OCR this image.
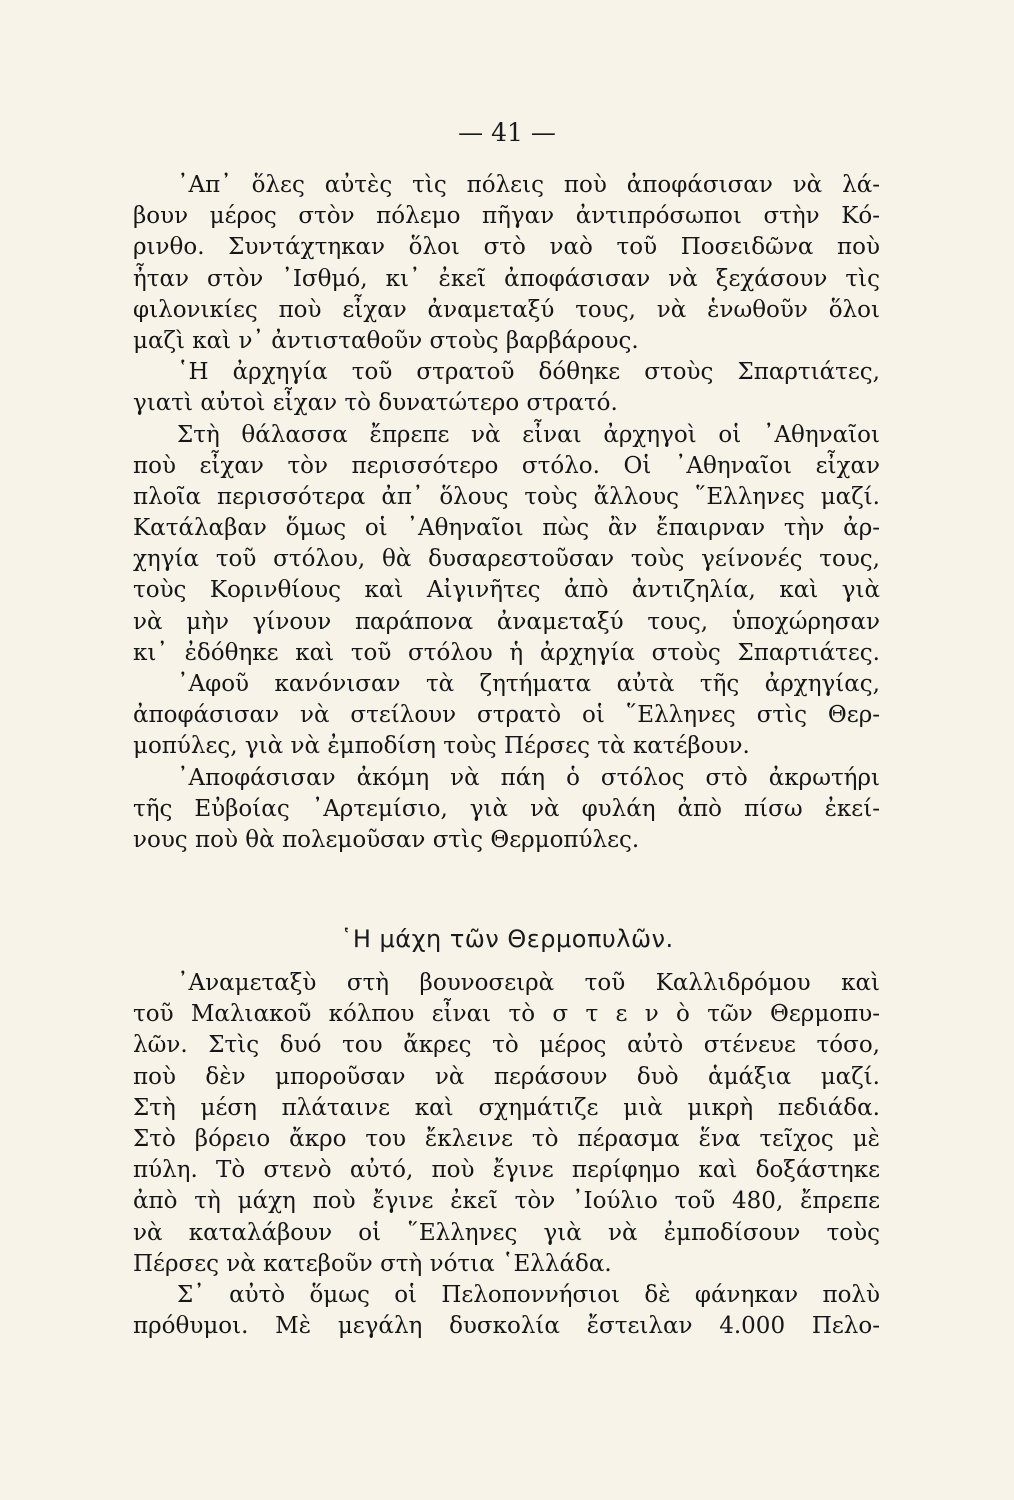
— 41 —
᾿Απ᾿ ὅλες αὐτὲς τὶς πόλεις ποὺ ἀποφάσισαν νὰ λά-
βουν μέρος στὸν πόλεμο πῆγαν ἀντιπρόσωποι στὴν Κό-
ρινθο. Συντάχτηκαν ὅλοι στὸ ναὸ τοῦ Ποσειδῶνα ποὺ
ἦταν στὸν ᾿Ισθμό, κι᾿ ἐκεῖ ἀποφάσισαν νὰ ξεχάσουν τὶς
φιλονικίες ποὺ εἶχαν ἀναμεταξύ τους, νὰ ἑνωθοῦν ὅλοι
μαζὶ καὶ ν᾿ ἀντισταθοῦν στοὺς βαρβάρους.
῾Η ἀρχηγία τοῦ στρατοῦ δόθηκε στοὺς Σπαρτιάτες,
γιατὶ αὐτοὶ εἶχαν τὸ δυνατώτερο στρατό.
Στὴ θάλασσα ἔπρεπε νὰ εἶναι ἀρχηγοὶ οἱ ᾿Αθηναῖοι
ποὺ εἶχαν τὸν περισσότερο στόλο. Οἱ ᾿Αθηναῖοι εἶχαν
πλοῖα περισσότερα ἀπ᾿ ὅλους τοὺς ἄλλους ῞Ελληνες μαζί.
Κατάλαβαν ὅμως οἱ ᾿Αθηναῖοι πὼς ἂν ἔπαιρναν τὴν ἀρ-
χηγία τοῦ στόλου, θὰ δυσαρεστοῦσαν τοὺς γείνονές τους,
τοὺς Κορινθίους καὶ Αἰγινῆτες ἀπὸ ἀντιζηλία, καὶ γιὰ
νὰ μὴν γίνουν παράπονα ἀναμεταξύ τους, ὑποχώρησαν
κι᾿ ἐδόθηκε καὶ τοῦ στόλου ἡ ἀρχηγία στοὺς Σπαρτιάτες.
᾿Αφοῦ κανόνισαν τὰ ζητήματα αὐτὰ τῆς ἀρχηγίας,
ἀποφάσισαν νὰ στείλουν στρατὸ οἱ ῞Ελληνες στὶς Θερ-
μοπύλες, γιὰ νὰ ἐμποδίση τοὺς Πέρσες τὰ κατέβουν.
᾿Αποφάσισαν ἀκόμη νὰ πάη ὁ στόλος στὸ ἀκρωτήρι
τῆς Εὐβοίας ᾿Αρτεμίσιο, γιὰ νὰ φυλάη ἀπὸ πίσω ἐκεί-
νους ποὺ θὰ πολεμοῦσαν στὶς Θερμοπύλες.
῾Η μάχη τῶν Θερμοπυλῶν.
᾿Αναμεταξὺ στὴ βουνοσειρὰ τοῦ Καλλιδρόμου καὶ
τοῦ Μαλιακοῦ κόλπου εἶναι τὸ σ τ ε ν ὸ τῶν Θερμοπυ-
λῶν. Στὶς δυό του ἄκρες τὸ μέρος αὐτὸ στένευε τόσο,
ποὺ δὲν μποροῦσαν νὰ περάσουν δυὸ ἁμάξια μαζί.
Στὴ μέση πλάταινε καὶ σχημάτιζε μιὰ μικρὴ πεδιάδα.
Στὸ βόρειο ἄκρο του ἔκλεινε τὸ πέρασμα ἕνα τεῖχος μὲ
πύλη. Τὸ στενὸ αὐτό, ποὺ ἔγινε περίφημο καὶ δοξάστηκε
ἀπὸ τὴ μάχη ποὺ ἔγινε ἐκεῖ τὸν ᾿Ιούλιο τοῦ 480, ἔπρεπε
νὰ καταλάβουν οἱ ῞Ελληνες γιὰ νὰ ἐμποδίσουν τοὺς
Πέρσες νὰ κατεβοῦν στὴ νότια ῾Ελλάδα.
Σ᾿ αὐτὸ ὅμως οἱ Πελοποννήσιοι δὲ φάνηκαν πολὺ
πρόθυμοι. Μὲ μεγάλη δυσκολία ἔστειλαν 4.000 Πελο-
